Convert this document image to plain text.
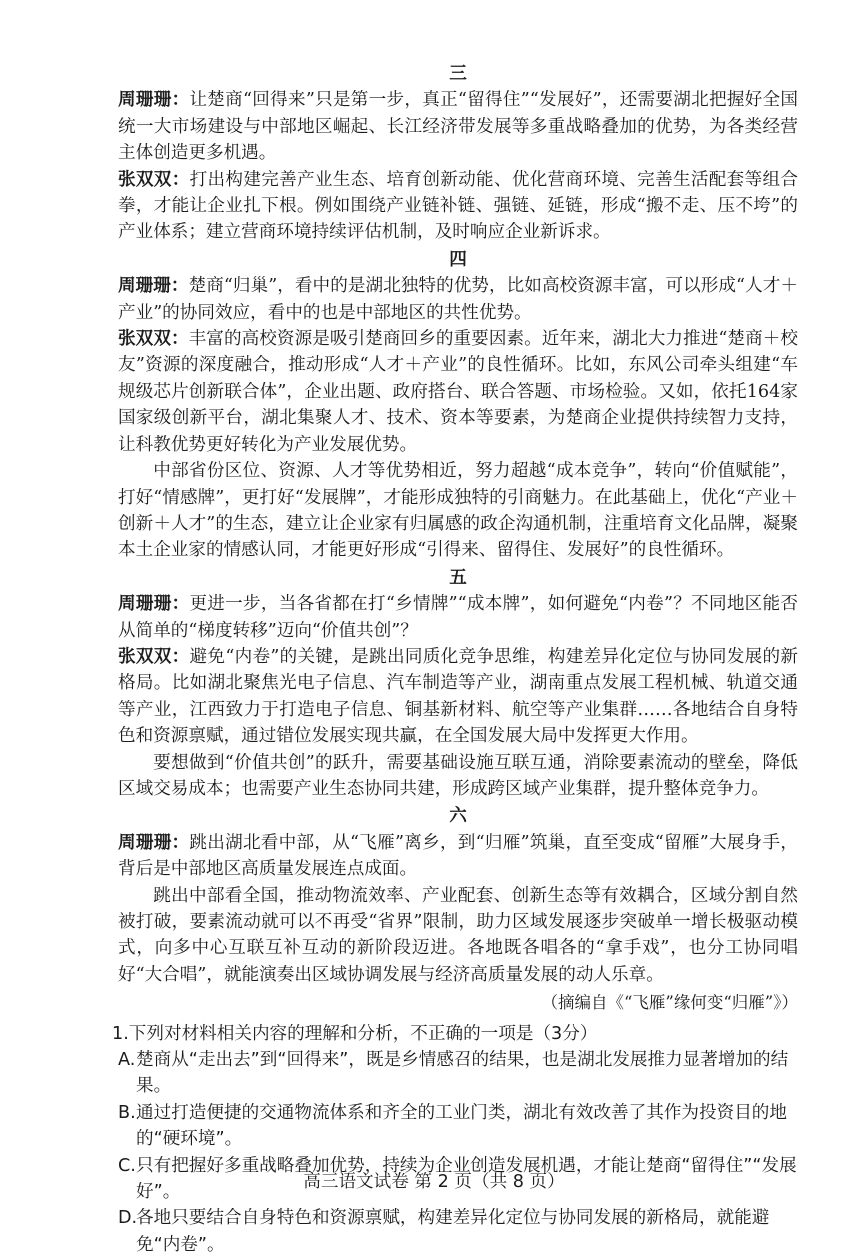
三
周珊珊：让楚商“回得来”只是第一步，真正“留得住”“发展好”，还需要湖北把握好全国统一大市场建设与中部地区崛起、长江经济带发展等多重战略叠加的优势，为各类经营主体创造更多机遇。
张双双：打出构建完善产业生态、培育创新动能、优化营商环境、完善生活配套等组合拳，才能让企业扎下根。例如围绕产业链补链、强链、延链，形成“搬不走、压不垮”的产业体系；建立营商环境持续评估机制，及时响应企业新诉求。
四
周珊珊：楚商“归巢”，看中的是湖北独特的优势，比如高校资源丰富，可以形成“人才＋产业”的协同效应，看中的也是中部地区的共性优势。
张双双：丰富的高校资源是吸引楚商回乡的重要因素。近年来，湖北大力推进“楚商＋校友”资源的深度融合，推动形成“人才＋产业”的良性循环。比如，东风公司牵头组建“车规级芯片创新联合体”，企业出题、政府搭台、联合答题、市场检验。又如，依托164家国家级创新平台，湖北集聚人才、技术、资本等要素，为楚商企业提供持续智力支持，让科教优势更好转化为产业发展优势。
中部省份区位、资源、人才等优势相近，努力超越“成本竞争”，转向“价值赋能”，打好“情感牌”，更打好“发展牌”，才能形成独特的引商魅力。在此基础上，优化“产业＋创新＋人才”的生态，建立让企业家有归属感的政企沟通机制，注重培育文化品牌，凝聚本土企业家的情感认同，才能更好形成“引得来、留得住、发展好”的良性循环。
五
周珊珊：更进一步，当各省都在打“乡情牌”“成本牌”，如何避免“内卷”？不同地区能否从简单的“梯度转移”迈向“价值共创”？
张双双：避免“内卷”的关键，是跳出同质化竞争思维，构建差异化定位与协同发展的新格局。比如湖北聚焦光电子信息、汽车制造等产业，湖南重点发展工程机械、轨道交通等产业，江西致力于打造电子信息、铜基新材料、航空等产业集群……各地结合自身特色和资源禀赋，通过错位发展实现共赢，在全国发展大局中发挥更大作用。
要想做到“价值共创”的跃升，需要基础设施互联互通，消除要素流动的壁垒，降低区域交易成本；也需要产业生态协同共建，形成跨区域产业集群，提升整体竞争力。
六
周珊珊：跳出湖北看中部，从“飞雁”离乡，到“归雁”筑巢，直至变成“留雁”大展身手，背后是中部地区高质量发展连点成面。
跳出中部看全国，推动物流效率、产业配套、创新生态等有效耦合，区域分割自然被打破，要素流动就可以不再受“省界”限制，助力区域发展逐步突破单一增长极驱动模式，向多中心互联互补互动的新阶段迈进。各地既各唱各的“拿手戏”，也分工协同唱好“大合唱”，就能演奏出区域协调发展与经济高质量发展的动人乐章。
（摘编自《“飞雁”缘何变“归雁”》）
1.下列对材料相关内容的理解和分析，不正确的一项是（3分）
A.楚商从“走出去”到“回得来”，既是乡情感召的结果，也是湖北发展推力显著增加的结果。
B.通过打造便捷的交通物流体系和齐全的工业门类，湖北有效改善了其作为投资目的地的“硬环境”。
C.只有把握好多重战略叠加优势，持续为企业创造发展机遇，才能让楚商“留得住”“发展好”。
D.各地只要结合自身特色和资源禀赋，构建差异化定位与协同发展的新格局，就能避免“内卷”。
高三语文试卷 第 2 页（共 8 页）
